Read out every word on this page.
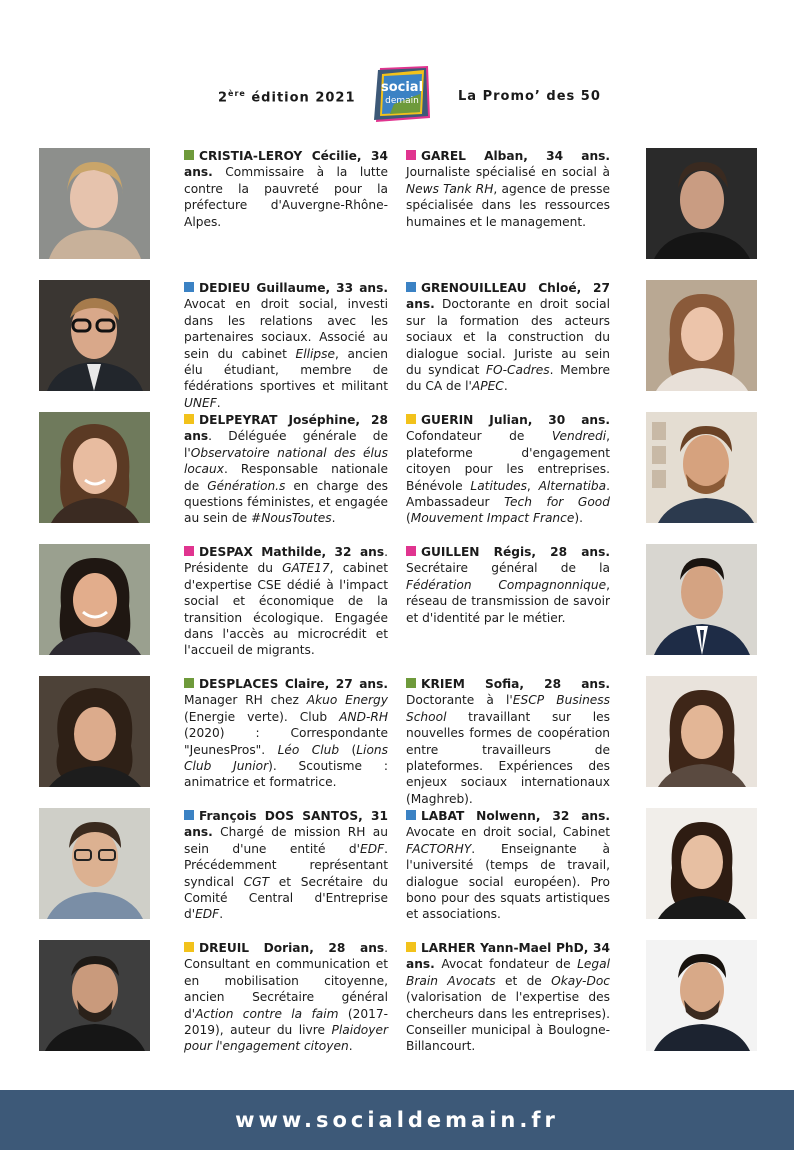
2ère édition 2021
social
demain	La Promo’ des 50
CRISTIA-LEROY Cécilie, 34 ans. Commissaire à la lutte contre la pauvreté pour la préfecture d'Auvergne-Rhône-Alpes.
GAREL Alban, 34 ans. Journaliste spécialisé en social à News Tank RH, agence de presse spécialisée dans les ressources humaines et le management.
DEDIEU Guillaume, 33 ans. Avocat en droit social, investi dans les relations avec les partenaires sociaux. Associé au sein du cabinet Ellipse, ancien élu étudiant, membre de fédérations sportives et militant UNEF.
GRENOUILLEAU Chloé, 27 ans. Doctorante en droit social sur la formation des acteurs sociaux et la construction du dialogue social. Juriste au sein du syndicat FO-Cadres. Membre du CA de l'APEC.
DELPEYRAT Joséphine, 28 ans. Déléguée générale de l'Observatoire national des élus locaux. Responsable nationale de Génération.s en charge des questions féministes, et engagée au sein de #NousToutes.
GUERIN Julian, 30 ans. Cofondateur de Vendredi, plateforme d'engagement citoyen pour les entreprises. Bénévole Latitudes, Alternatiba. Ambassadeur Tech for Good (Mouvement Impact France).
DESPAX Mathilde, 32 ans. Présidente du GATE17, cabinet d'expertise CSE dédié à l'impact social et économique de la transition écologique. Engagée dans l'accès au microcrédit et l'accueil de migrants.
GUILLEN Régis, 28 ans. Secrétaire général de la Fédération Compagnonnique, réseau de transmission de savoir et d'identité par le métier.
DESPLACES Claire, 27 ans. Manager RH chez Akuo Energy (Energie verte). Club AND-RH (2020) : Correspondante "JeunesPros". Léo Club (Lions Club Junior). Scoutisme : animatrice et formatrice.
KRIEM Sofia, 28 ans. Doctorante à l'ESCP Business School travaillant sur les nouvelles formes de coopération entre travailleurs de plateformes. Expériences des enjeux sociaux internationaux (Maghreb).
François DOS SANTOS, 31 ans. Chargé de mission RH au sein d'une entité d'EDF. Précédemment représentant syndical CGT et Secrétaire du Comité Central d'Entreprise d'EDF.
LABAT Nolwenn, 32 ans. Avocate en droit social, Cabinet FACTORHY. Enseignante à l'université (temps de travail, dialogue social européen). Pro bono pour des squats artistiques et associations.
DREUIL Dorian, 28 ans. Consultant en communication et en mobilisation citoyenne, ancien Secrétaire général d'Action contre la faim (2017-2019), auteur du livre Plaidoyer pour l'engagement citoyen.
LARHER Yann-Mael PhD, 34 ans. Avocat fondateur de Legal Brain Avocats et de Okay-Doc (valorisation de l'expertise des chercheurs dans les entreprises). Conseiller municipal à Boulogne-Billancourt.
www.socialdemain.fr
